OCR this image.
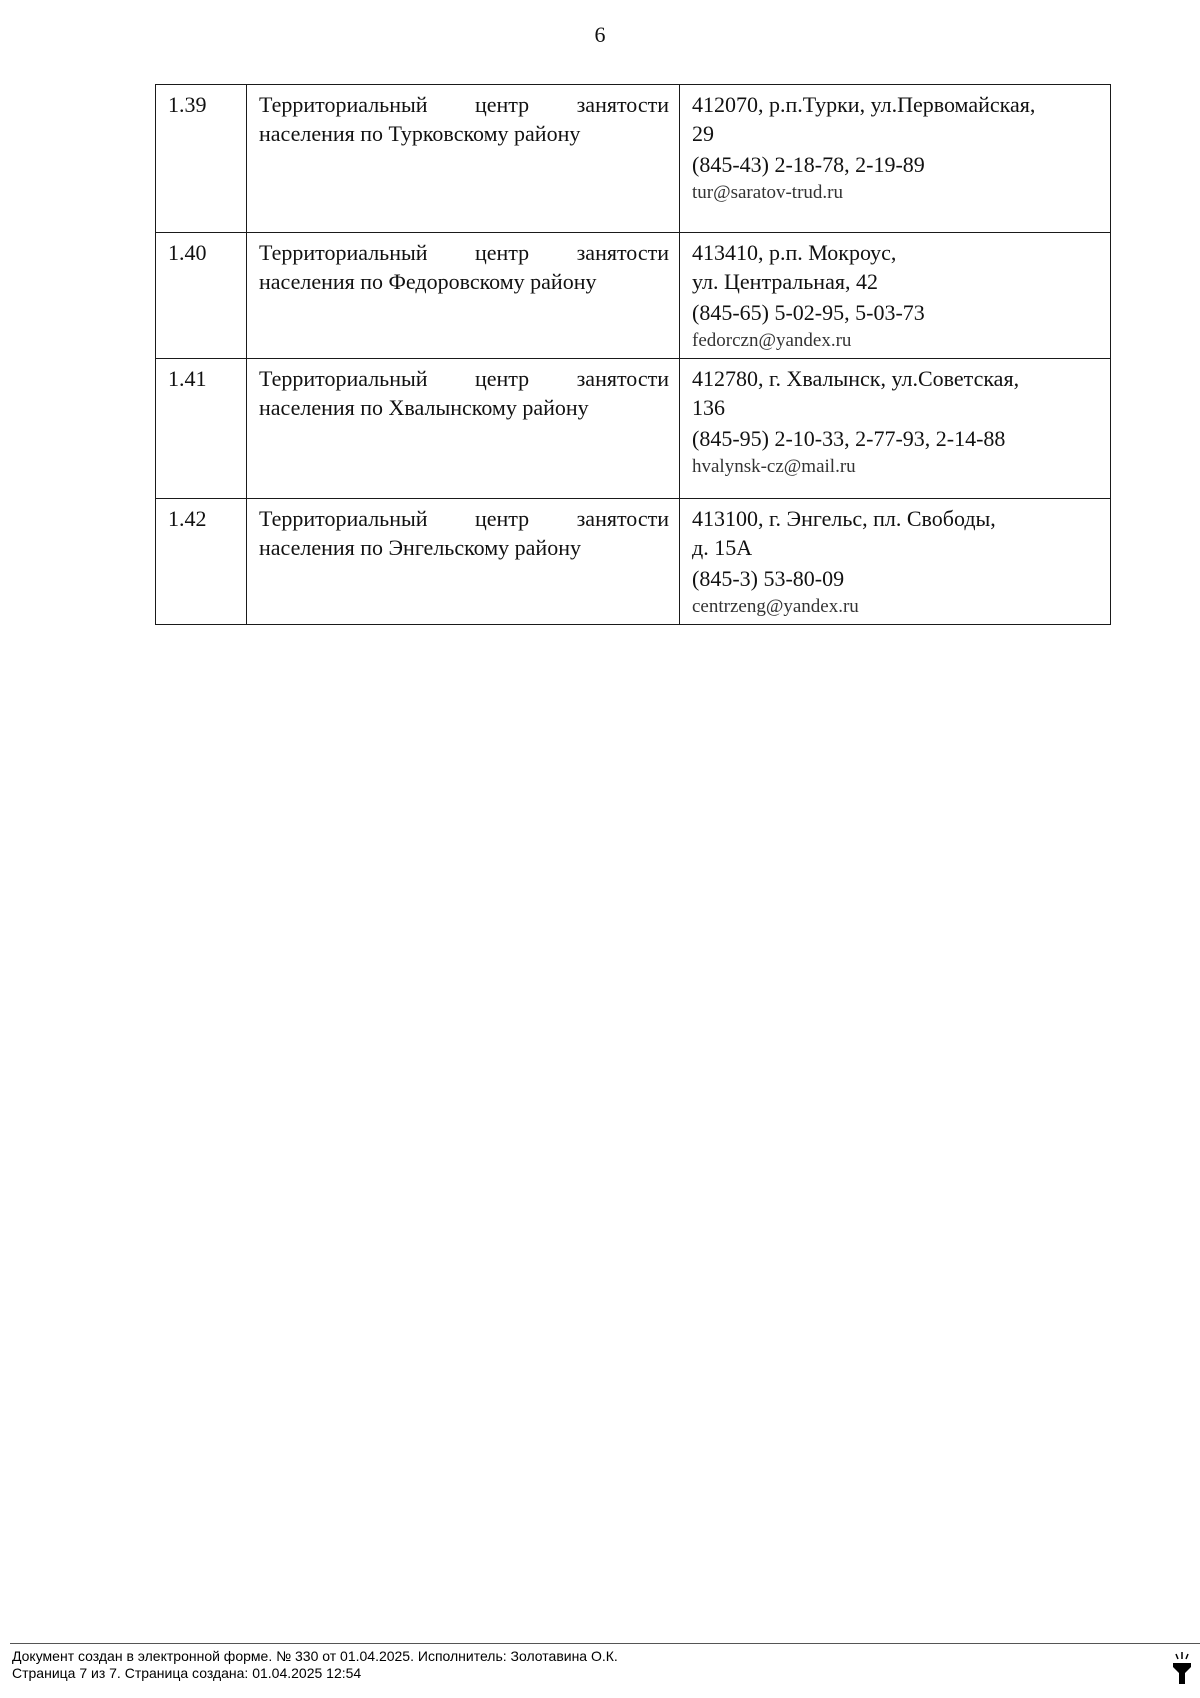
6
1.39	Территориальный центр занятости
населения по Турковскому району	412070, р.п.Турки, ул.Первомайская,
29
(845-43) 2-18-78, 2-19-89
tur@saratov-trud.ru

1.40	Территориальный центр занятости
населения по Федоровскому району	413410, р.п. Мокроус,
ул. Центральная, 42
(845-65) 5-02-95, 5-03-73
fedorczn@yandex.ru

1.41	Территориальный центр занятости
населения по Хвалынскому району	412780, г. Хвалынск, ул.Советская,
136
(845-95) 2-10-33, 2-77-93, 2-14-88
hvalynsk-cz@mail.ru

1.42	Территориальный центр занятости
населения по Энгельскому району	413100, г. Энгельс, пл. Свободы,
д. 15А
(845-3) 53-80-09
centrzeng@yandex.ru
Документ создан в электронной форме. № 330 от 01.04.2025. Исполнитель: Золотавина О.К.
Страница 7 из 7. Страница создана: 01.04.2025 12:54
